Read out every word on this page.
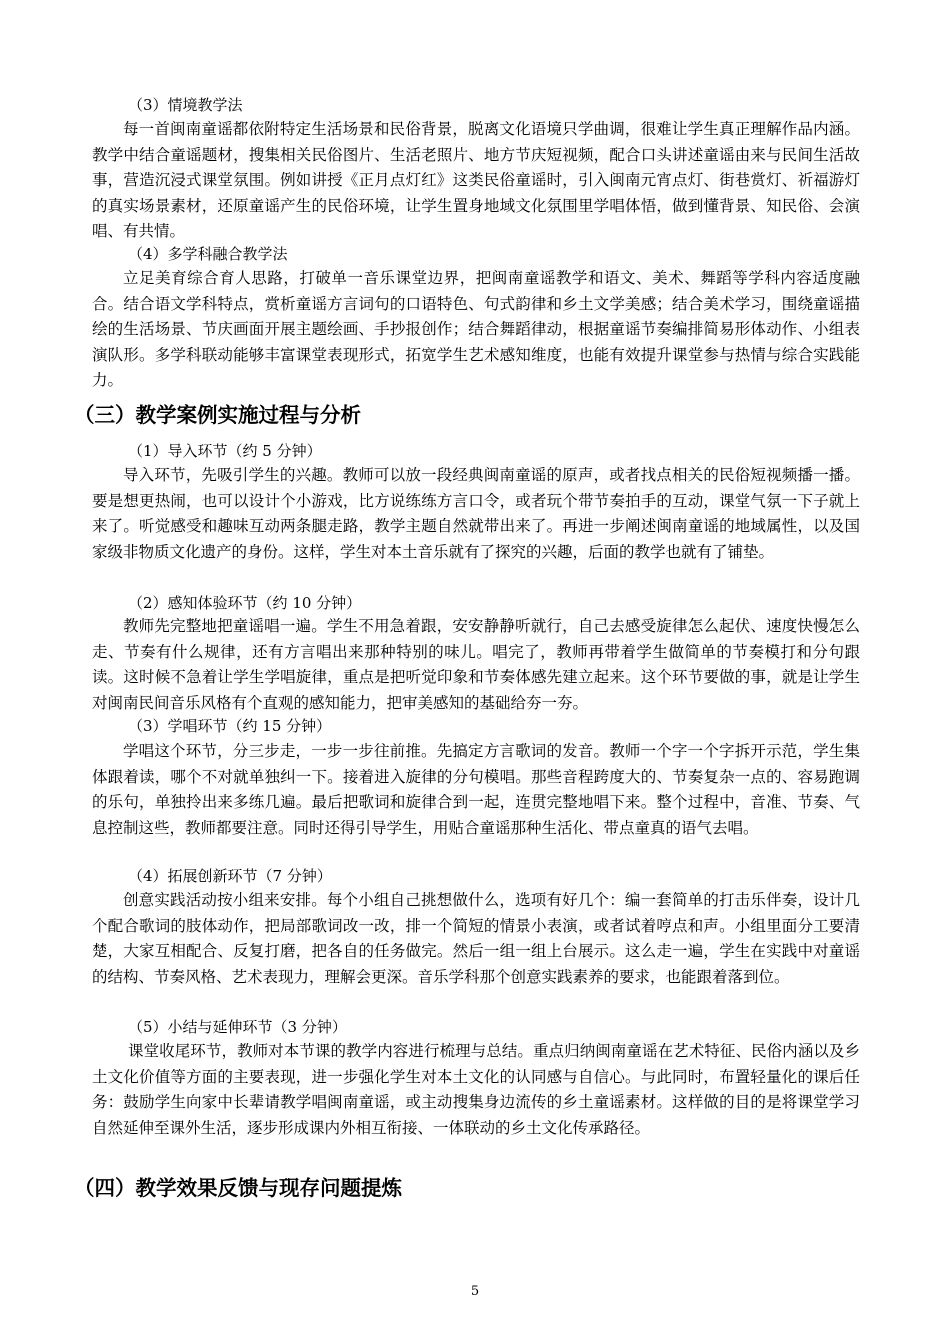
（3）情境教学法
每一首闽南童谣都依附特定生活场景和民俗背景，脱离文化语境只学曲调，很难让学生真正理解作品内涵。教学中结合童谣题材，搜集相关民俗图片、生活老照片、地方节庆短视频，配合口头讲述童谣由来与民间生活故事，营造沉浸式课堂氛围。例如讲授《正月点灯红》这类民俗童谣时，引入闽南元宵点灯、街巷赏灯、祈福游灯的真实场景素材，还原童谣产生的民俗环境，让学生置身地域文化氛围里学唱体悟，做到懂背景、知民俗、会演唱、有共情。
（4）多学科融合教学法
立足美育综合育人思路，打破单一音乐课堂边界，把闽南童谣教学和语文、美术、舞蹈等学科内容适度融合。结合语文学科特点，赏析童谣方言词句的口语特色、句式韵律和乡土文学美感；结合美术学习，围绕童谣描绘的生活场景、节庆画面开展主题绘画、手抄报创作；结合舞蹈律动，根据童谣节奏编排简易形体动作、小组表演队形。多学科联动能够丰富课堂表现形式，拓宽学生艺术感知维度，也能有效提升课堂参与热情与综合实践能力。
（三）教学案例实施过程与分析
（1）导入环节（约 5 分钟）
导入环节，先吸引学生的兴趣。教师可以放一段经典闽南童谣的原声，或者找点相关的民俗短视频播一播。要是想更热闹，也可以设计个小游戏，比方说练练方言口令，或者玩个带节奏拍手的互动，课堂气氛一下子就上来了。听觉感受和趣味互动两条腿走路，教学主题自然就带出来了。再进一步阐述闽南童谣的地域属性，以及国家级非物质文化遗产的身份。这样，学生对本土音乐就有了探究的兴趣，后面的教学也就有了铺垫。
（2）感知体验环节（约 10 分钟）
教师先完整地把童谣唱一遍。学生不用急着跟，安安静静听就行，自己去感受旋律怎么起伏、速度快慢怎么走、节奏有什么规律，还有方言唱出来那种特别的味儿。唱完了，教师再带着学生做简单的节奏模打和分句跟读。这时候不急着让学生学唱旋律，重点是把听觉印象和节奏体感先建立起来。这个环节要做的事，就是让学生对闽南民间音乐风格有个直观的感知能力，把审美感知的基础给夯一夯。
（3）学唱环节（约 15 分钟）
学唱这个环节，分三步走，一步一步往前推。先搞定方言歌词的发音。教师一个字一个字拆开示范，学生集体跟着读，哪个不对就单独纠一下。接着进入旋律的分句模唱。那些音程跨度大的、节奏复杂一点的、容易跑调的乐句，单独拎出来多练几遍。最后把歌词和旋律合到一起，连贯完整地唱下来。整个过程中，音准、节奏、气息控制这些，教师都要注意。同时还得引导学生，用贴合童谣那种生活化、带点童真的语气去唱。
（4）拓展创新环节（7 分钟）
创意实践活动按小组来安排。每个小组自己挑想做什么，选项有好几个：编一套简单的打击乐伴奏，设计几个配合歌词的肢体动作，把局部歌词改一改，排一个简短的情景小表演，或者试着哼点和声。小组里面分工要清楚，大家互相配合、反复打磨，把各自的任务做完。然后一组一组上台展示。这么走一遍，学生在实践中对童谣的结构、节奏风格、艺术表现力，理解会更深。音乐学科那个创意实践素养的要求，也能跟着落到位。
（5）小结与延伸环节（3 分钟）
课堂收尾环节，教师对本节课的教学内容进行梳理与总结。重点归纳闽南童谣在艺术特征、民俗内涵以及乡土文化价值等方面的主要表现，进一步强化学生对本土文化的认同感与自信心。与此同时，布置轻量化的课后任务：鼓励学生向家中长辈请教学唱闽南童谣，或主动搜集身边流传的乡土童谣素材。这样做的目的是将课堂学习自然延伸至课外生活，逐步形成课内外相互衔接、一体联动的乡土文化传承路径。
（四）教学效果反馈与现存问题提炼
5
